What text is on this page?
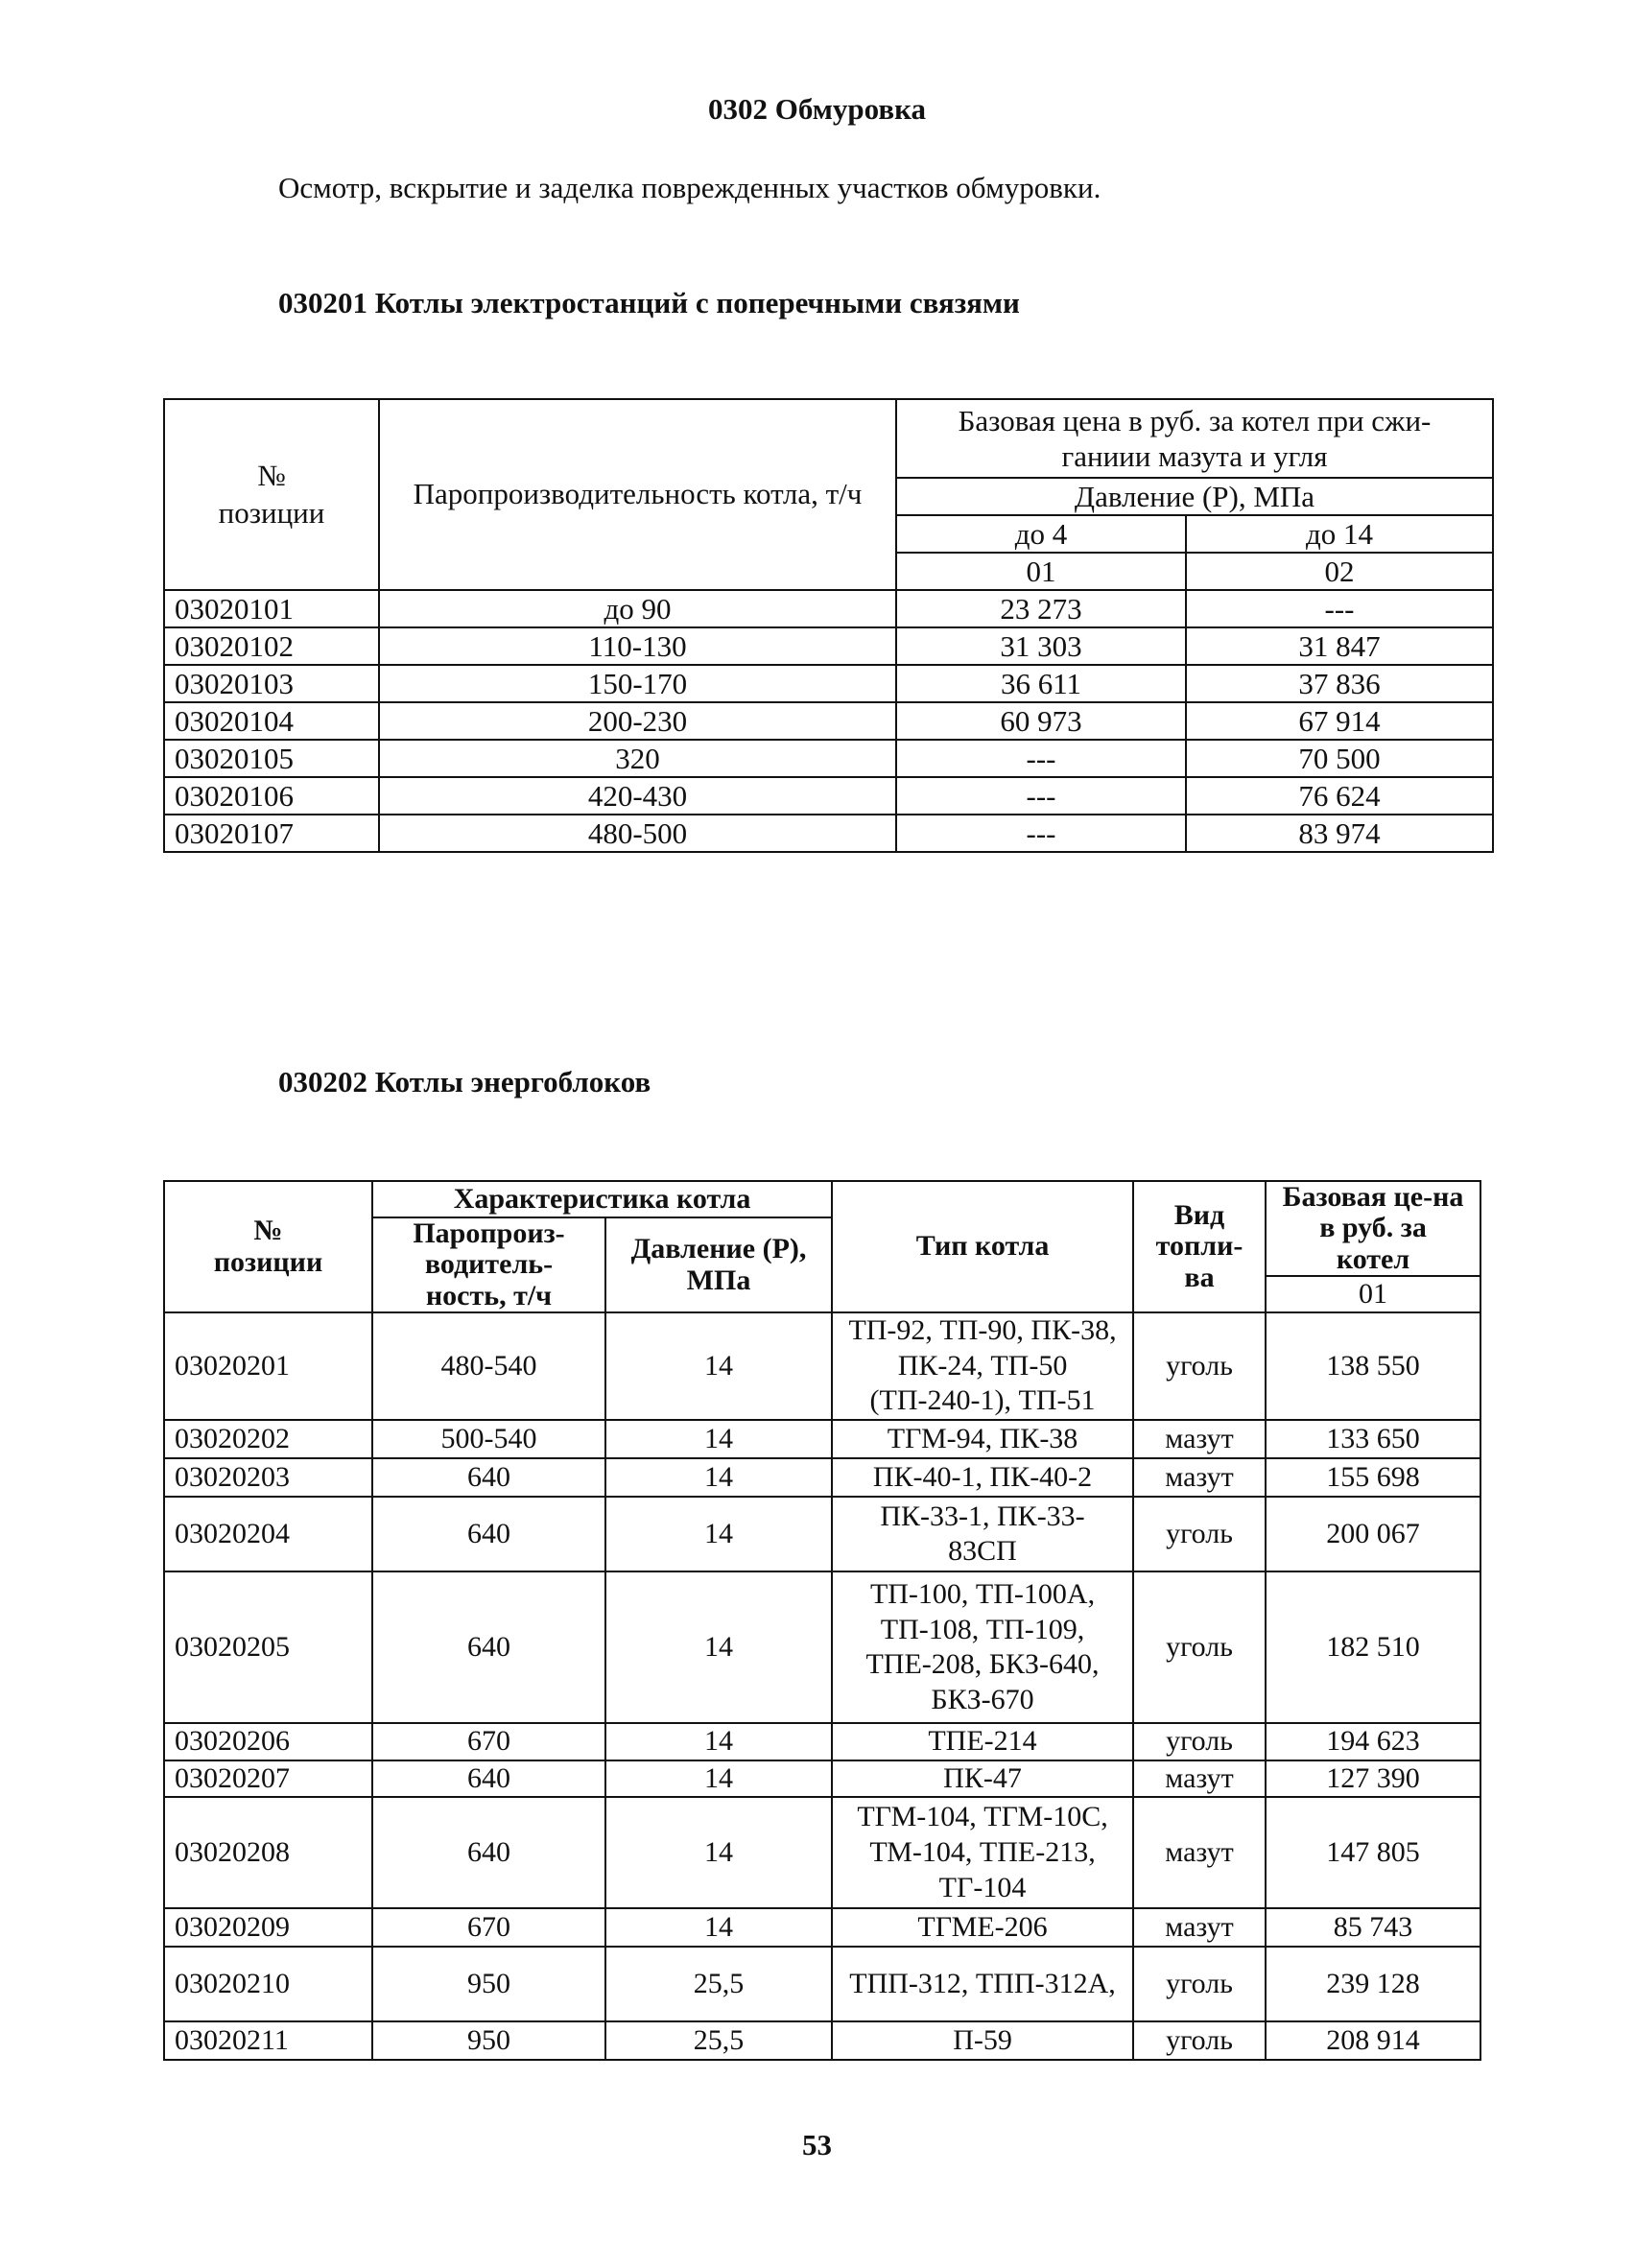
0302 Обмуровка
Осмотр, вскрытие и заделка поврежденных участков обмуровки.
030201 Котлы электростанций с поперечными связями
№ позиции	Паропроизводительность котла, т/ч	Базовая цена в руб. за котел при сжи-ганиии мазута и угля	
		Давление (Р), МПа	
		до 4	до 14
		01	02
03020101	до 90	23 273	---
03020102	110-130	31 303	31 847
03020103	150-170	36 611	37 836
03020104	200-230	60 973	67 914
03020105	320	---	70 500
03020106	420-430	---	76 624
03020107	480-500	---	83 974
030202 Котлы энергоблоков
№ позиции	Характеристика котла		Тип котла	Вид топли-ва	Базовая це-на в руб. за котел
	Паропроиз-водитель-ность, т/ч	Давление (Р), МПа			
					01
03020201	480-540	14	ТП-92, ТП-90, ПК-38, ПК-24, ТП-50 (ТП-240-1), ТП-51	уголь	138 550
03020202	500-540	14	ТГМ-94, ПК-38	мазут	133 650
03020203	640	14	ПК-40-1, ПК-40-2	мазут	155 698
03020204	640	14	ПК-33-1, ПК-33-83СП	уголь	200 067
03020205	640	14	ТП-100, ТП-100А, ТП-108, ТП-109, ТПЕ-208, БКЗ-640, БКЗ-670	уголь	182 510
03020206	670	14	ТПЕ-214	уголь	194 623
03020207	640	14	ПК-47	мазут	127 390
03020208	640	14	ТГМ-104, ТГМ-10С, ТМ-104, ТПЕ-213, ТГ-104	мазут	147 805
03020209	670	14	ТГМЕ-206	мазут	85 743
03020210	950	25,5	ТПП-312, ТПП-312А,	уголь	239 128
03020211	950	25,5	П-59	уголь	208 914
53
